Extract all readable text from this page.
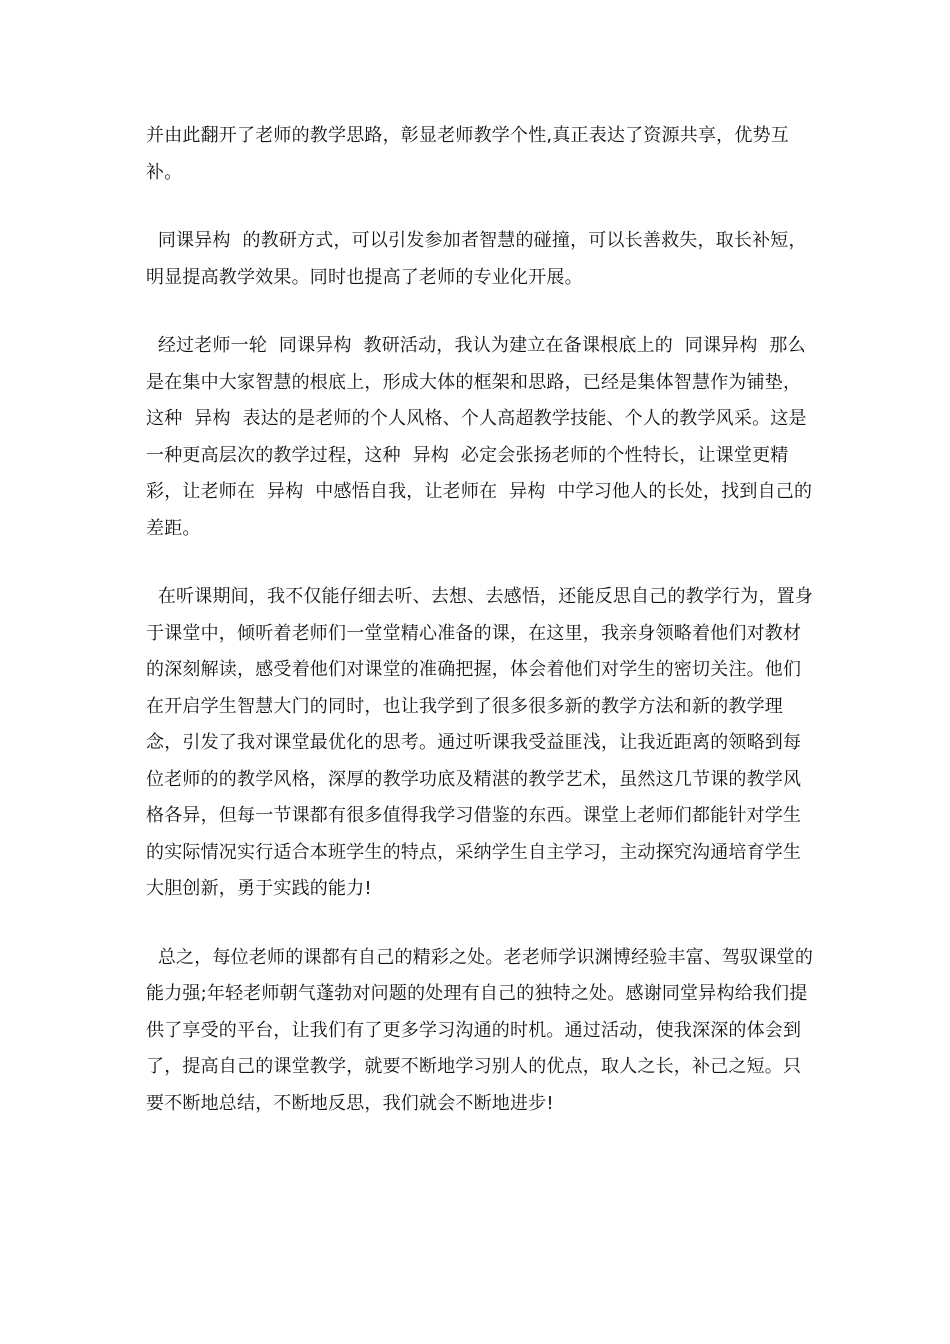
并由此翻开了老师的教学思路，彰显老师教学个性,真正表达了资源共享，优势互补。

同课异构  的教研方式，可以引发参加者智慧的碰撞，可以长善救失，取长补短，明显提高教学效果。同时也提高了老师的专业化开展。

经过老师一轮  同课异构  教研活动，我认为建立在备课根底上的  同课异构  那么是在集中大家智慧的根底上，形成大体的框架和思路，已经是集体智慧作为铺垫，这种  异构  表达的是老师的个人风格、个人高超教学技能、个人的教学风采。这是一种更高层次的教学过程，这种  异构  必定会张扬老师的个性特长，让课堂更精彩，让老师在  异构  中感悟自我，让老师在  异构  中学习他人的长处，找到自己的差距。

在听课期间，我不仅能仔细去听、去想、去感悟，还能反思自己的教学行为，置身于课堂中，倾听着老师们一堂堂精心准备的课，在这里，我亲身领略着他们对教材的深刻解读，感受着他们对课堂的准确把握，体会着他们对学生的密切关注。他们在开启学生智慧大门的同时，也让我学到了很多很多新的教学方法和新的教学理念，引发了我对课堂最优化的思考。通过听课我受益匪浅，让我近距离的领略到每位老师的的教学风格，深厚的教学功底及精湛的教学艺术，虽然这几节课的教学风格各异，但每一节课都有很多值得我学习借鉴的东西。课堂上老师们都能针对学生的实际情况实行适合本班学生的特点，采纳学生自主学习，主动探究沟通培育学生大胆创新，勇于实践的能力!

总之，每位老师的课都有自己的精彩之处。老老师学识渊博经验丰富、驾驭课堂的能力强;年轻老师朝气蓬勃对问题的处理有自己的独特之处。感谢同堂异构给我们提供了享受的平台，让我们有了更多学习沟通的时机。通过活动，使我深深的体会到了，提高自己的课堂教学，就要不断地学习别人的优点，取人之长，补己之短。只要不断地总结，不断地反思，我们就会不断地进步!
